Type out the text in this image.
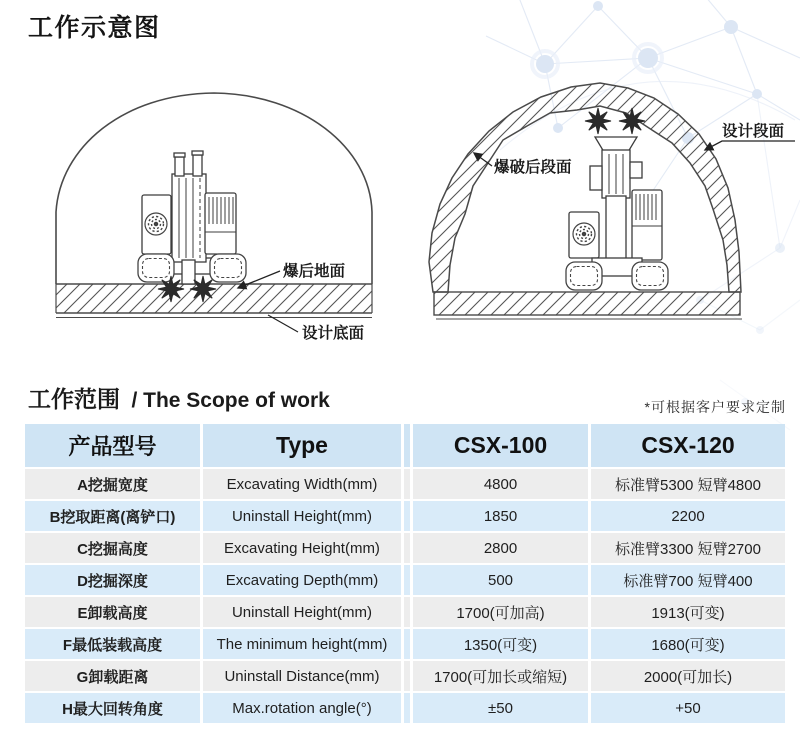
工作示意图
爆后地面
设计底面
爆破后段面
设计段面
工作范围 / The Scope of work	*可根据客户要求定制
产品型号	Type	CSX-100	CSX-120
A挖掘宽度	Excavating Width(mm)	4800	标准臂5300 短臂4800
B挖取距离(离铲口)	Uninstall Height(mm)	1850	2200
C挖掘高度	Excavating Height(mm)	2800	标准臂3300 短臂2700
D挖掘深度	Excavating Depth(mm)	500	标准臂700 短臂400
E卸载高度	Uninstall Height(mm)	1700(可加高)	1913(可变)
F最低装载高度	The minimum height(mm)	1350(可变)	1680(可变)
G卸载距离	Uninstall Distance(mm)	1700(可加长或缩短)	2000(可加长)
H最大回转角度	Max.rotation angle(°)	±50	+50
